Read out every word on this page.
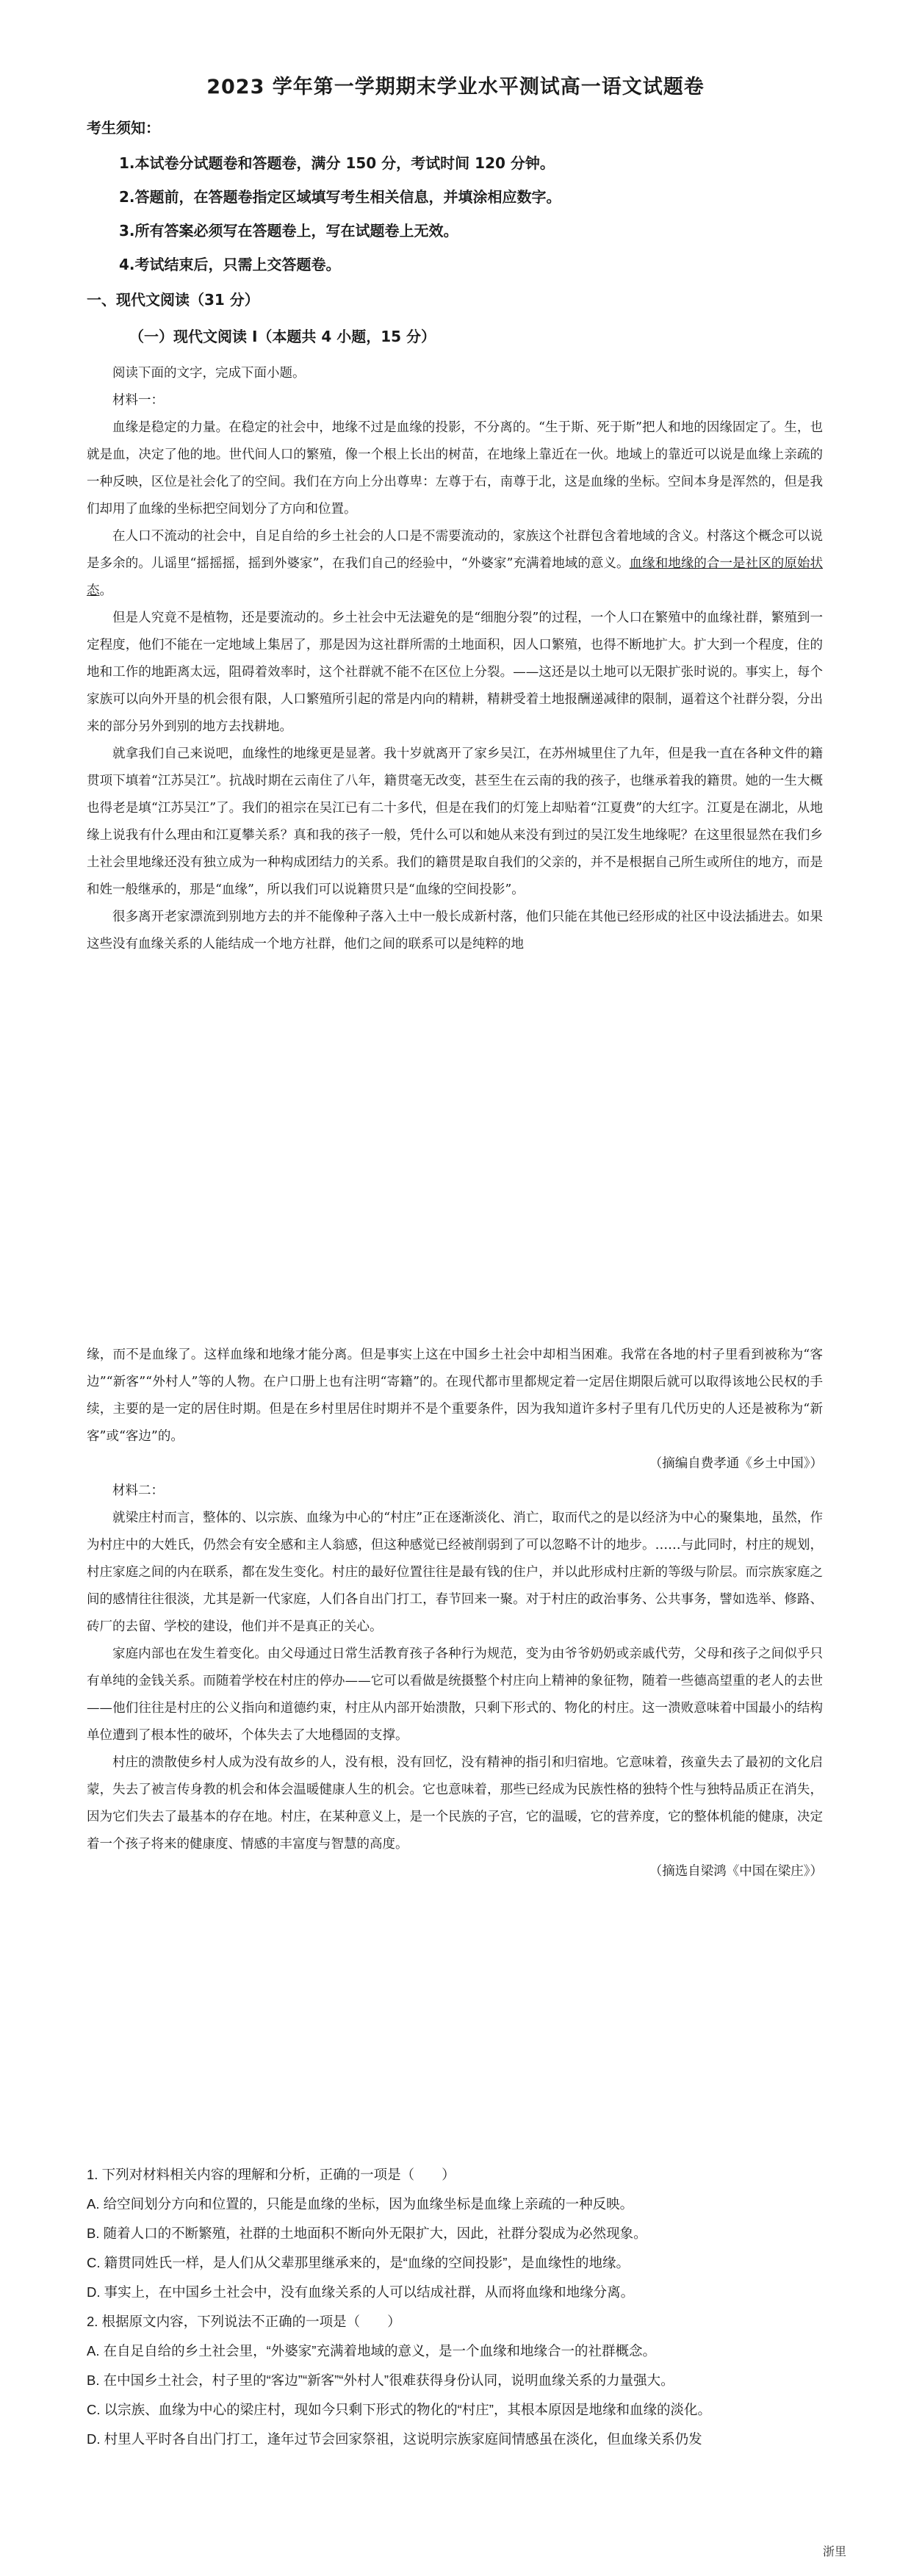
2023 学年第一学期期末学业水平测试高一语文试题卷
考生须知：
1.本试卷分试题卷和答题卷，满分 150 分，考试时间 120 分钟。
2.答题前，在答题卷指定区域填写考生相关信息，并填涂相应数字。
3.所有答案必须写在答题卷上，写在试题卷上无效。
4.考试结束后，只需上交答题卷。
一、现代文阅读（31 分）
（一）现代文阅读 Ⅰ（本题共 4 小题，15 分）

阅读下面的文字，完成下面小题。

材料一：

血缘是稳定的力量。在稳定的社会中，地缘不过是血缘的投影，不分离的。“生于斯、死于斯”把人和地的因缘固定了。生，也就是血，决定了他的地。世代间人口的繁殖，像一个根上长出的树苗，在地缘上靠近在一伙。地域上的靠近可以说是血缘上亲疏的一种反映，区位是社会化了的空间。我们在方向上分出尊卑：左尊于右，南尊于北，这是血缘的坐标。空间本身是浑然的，但是我们却用了血缘的坐标把空间划分了方向和位置。

在人口不流动的社会中，自足自给的乡土社会的人口是不需要流动的，家族这个社群包含着地域的含义。村落这个概念可以说是多余的。儿谣里“摇摇摇，摇到外婆家”，在我们自己的经验中，“外婆家”充满着地域的意义。血缘和地缘的合一是社区的原始状态。

但是人究竟不是植物，还是要流动的。乡土社会中无法避免的是“细胞分裂”的过程，一个人口在繁殖中的血缘社群，繁殖到一定程度，他们不能在一定地域上集居了，那是因为这社群所需的土地面积，因人口繁殖，也得不断地扩大。扩大到一个程度，住的地和工作的地距离太远，阻碍着效率时，这个社群就不能不在区位上分裂。——这还是以土地可以无限扩张时说的。事实上，每个家族可以向外开垦的机会很有限，人口繁殖所引起的常是内向的精耕，精耕受着土地报酬递减律的限制，逼着这个社群分裂，分出来的部分另外到别的地方去找耕地。

就拿我们自己来说吧，血缘性的地缘更是显著。我十岁就离开了家乡吴江，在苏州城里住了九年，但是我一直在各种文件的籍贯项下填着“江苏吴江”。抗战时期在云南住了八年，籍贯毫无改变，甚至生在云南的我的孩子，也继承着我的籍贯。她的一生大概也得老是填“江苏吴江”了。我们的祖宗在吴江已有二十多代，但是在我们的灯笼上却贴着“江夏费”的大红字。江夏是在湖北，从地缘上说我有什么理由和江夏攀关系？真和我的孩子一般，凭什么可以和她从来没有到过的吴江发生地缘呢？在这里很显然在我们乡土社会里地缘还没有独立成为一种构成团结力的关系。我们的籍贯是取自我们的父亲的，并不是根据自己所生或所住的地方，而是和姓一般继承的，那是“血缘”，所以我们可以说籍贯只是“血缘的空间投影”。

很多离开老家漂流到别地方去的并不能像种子落入土中一般长成新村落，他们只能在其他已经形成的社区中设法插进去。如果这些没有血缘关系的人能结成一个地方社群，他们之间的联系可以是纯粹的地

缘，而不是血缘了。这样血缘和地缘才能分离。但是事实上这在中国乡土社会中却相当困难。我常在各地的村子里看到被称为“客边”“新客”“外村人”等的人物。在户口册上也有注明“寄籍”的。在现代都市里都规定着一定居住期限后就可以取得该地公民权的手续，主要的是一定的居住时期。但是在乡村里居住时期并不是个重要条件，因为我知道许多村子里有几代历史的人还是被称为“新客”或“客边”的。

（摘编自费孝通《乡土中国》）

材料二：

就梁庄村而言，整体的、以宗族、血缘为中心的“村庄”正在逐渐淡化、消亡，取而代之的是以经济为中心的聚集地，虽然，作为村庄中的大姓氏，仍然会有安全感和主人翁感，但这种感觉已经被削弱到了可以忽略不计的地步。……与此同时，村庄的规划，村庄家庭之间的内在联系，都在发生变化。村庄的最好位置往往是最有钱的住户，并以此形成村庄新的等级与阶层。而宗族家庭之间的感情往往很淡，尤其是新一代家庭，人们各自出门打工，春节回来一聚。对于村庄的政治事务、公共事务，譬如选举、修路、砖厂的去留、学校的建设，他们并不是真正的关心。

家庭内部也在发生着变化。由父母通过日常生活教育孩子各种行为规范，变为由爷爷奶奶或亲戚代劳，父母和孩子之间似乎只有单纯的金钱关系。而随着学校在村庄的停办——它可以看做是统摄整个村庄向上精神的象征物，随着一些德高望重的老人的去世——他们往往是村庄的公义指向和道德约束，村庄从内部开始溃散，只剩下形式的、物化的村庄。这一溃败意味着中国最小的结构单位遭到了根本性的破坏，个体失去了大地穩固的支撑。

村庄的溃散使乡村人成为没有故乡的人，没有根，没有回忆，没有精神的指引和归宿地。它意味着，孩童失去了最初的文化启蒙，失去了被言传身教的机会和体会温暖健康人生的机会。它也意味着，那些已经成为民族性格的独特个性与独特品质正在消失，因为它们失去了最基本的存在地。村庄，在某种意义上，是一个民族的子宫，它的温暖，它的营养度，它的整体机能的健康，决定着一个孩子将来的健康度、情感的丰富度与智慧的高度。

（摘选自梁鸿《中国在梁庄》）

1. 下列对材料相关内容的理解和分析，正确的一项是（　　）

A. 给空间划分方向和位置的，只能是血缘的坐标，因为血缘坐标是血缘上亲疏的一种反映。

B. 随着人口的不断繁殖，社群的土地面积不断向外无限扩大，因此，社群分裂成为必然现象。

C. 籍贯同姓氏一样，是人们从父辈那里继承来的，是“血缘的空间投影”，是血缘性的地缘。

D. 事实上，在中国乡土社会中，没有血缘关系的人可以结成社群，从而将血缘和地缘分离。

2. 根据原文内容，下列说法不正确的一项是（　　）

A. 在自足自给的乡土社会里，“外婆家”充满着地域的意义，是一个血缘和地缘合一的社群概念。

B. 在中国乡土社会，村子里的“客边”“新客”“外村人”很难获得身份认同，说明血缘关系的力量强大。

C. 以宗族、血缘为中心的梁庄村，现如今只剩下形式的物化的“村庄”，其根本原因是地缘和血缘的淡化。

D. 村里人平时各自出门打工，逢年过节会回家祭祖，这说明宗族家庭间情感虽在淡化，但血缘关系仍发

浙里
